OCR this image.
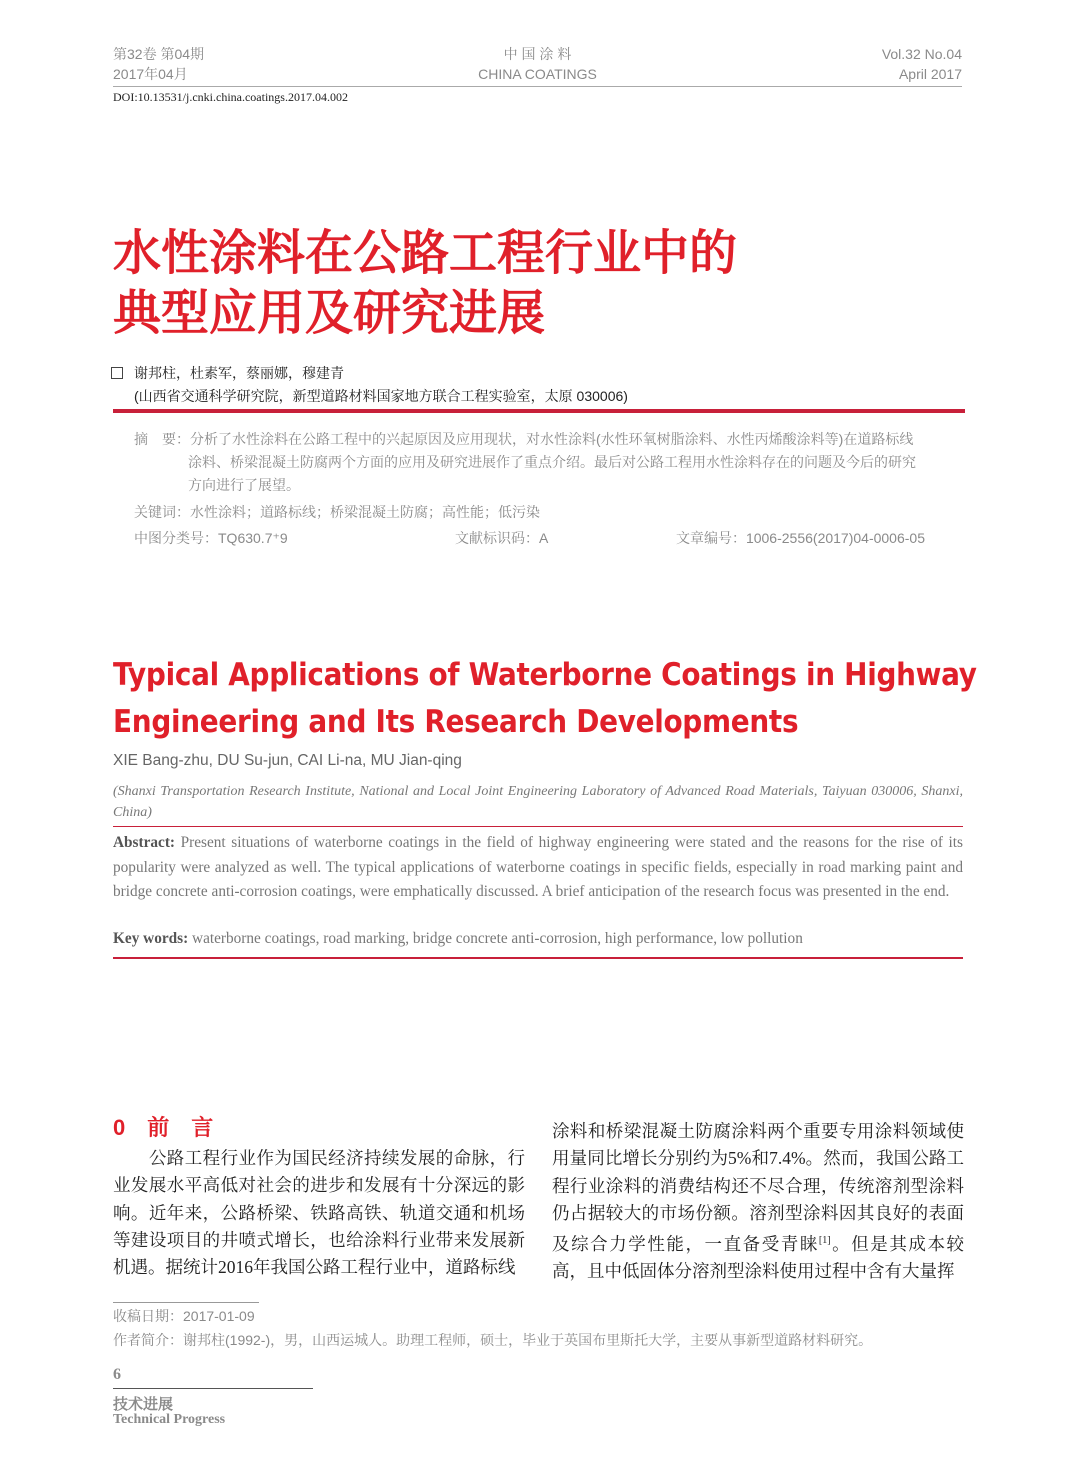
第32卷 第04期
2017年04月
中 国 涂 料
CHINA COATINGS
Vol.32 No.04
April 2017
DOI:10.13531/j.cnki.china.coatings.2017.04.002
水性涂料在公路工程行业中的
典型应用及研究进展
谢邦柱，杜素军，蔡丽娜，穆建青
(山西省交通科学研究院，新型道路材料国家地方联合工程实验室，太原 030006)
摘　要：分析了水性涂料在公路工程中的兴起原因及应用现状，对水性涂料(水性环氧树脂涂料、水性丙烯酸涂料等)在道路标线涂料、桥梁混凝土防腐两个方面的应用及研究进展作了重点介绍。最后对公路工程用水性涂料存在的问题及今后的研究方向进行了展望。
关键词：水性涂料；道路标线；桥梁混凝土防腐；高性能；低污染
中图分类号：TQ630.7⁺9	文献标识码：A	文章编号：1006-2556(2017)04-0006-05
Typical Applications of Waterborne Coatings in Highway
Engineering and Its Research Developments
XIE Bang-zhu, DU Su-jun, CAI Li-na, MU Jian-qing
(Shanxi Transportation Research Institute, National and Local Joint Engineering Laboratory of Advanced Road Materials, Taiyuan 030006, Shanxi, China)
Abstract: Present situations of waterborne coatings in the field of highway engineering were stated and the reasons for the rise of its popularity were analyzed as well. The typical applications of waterborne coatings in specific fields, especially in road marking paint and bridge concrete anti-corrosion coatings, were emphatically discussed. A brief anticipation of the research focus was presented in the end.
Key words: waterborne coatings, road marking, bridge concrete anti-corrosion, high performance, low pollution
0　 前　言
　　公路工程行业作为国民经济持续发展的命脉，行业发展水平高低对社会的进步和发展有十分深远的影响。近年来，公路桥梁、铁路高铁、轨道交通和机场等建设项目的井喷式增长，也给涂料行业带来发展新机遇。据统计2016年我国公路工程行业中，道路标线
涂料和桥梁混凝土防腐涂料两个重要专用涂料领域使用量同比增长分别约为5%和7.4%。然而，我国公路工程行业涂料的消费结构还不尽合理，传统溶剂型涂料仍占据较大的市场份额。溶剂型涂料因其良好的表面及综合力学性能，一直备受青睐[1]。但是其成本较高，且中低固体分溶剂型涂料使用过程中含有大量挥
收稿日期：2017-01-09
作者简介：谢邦柱(1992-)，男，山西运城人。助理工程师，硕士，毕业于英国布里斯托大学，主要从事新型道路材料研究。
6
技术进展
Technical Progress
